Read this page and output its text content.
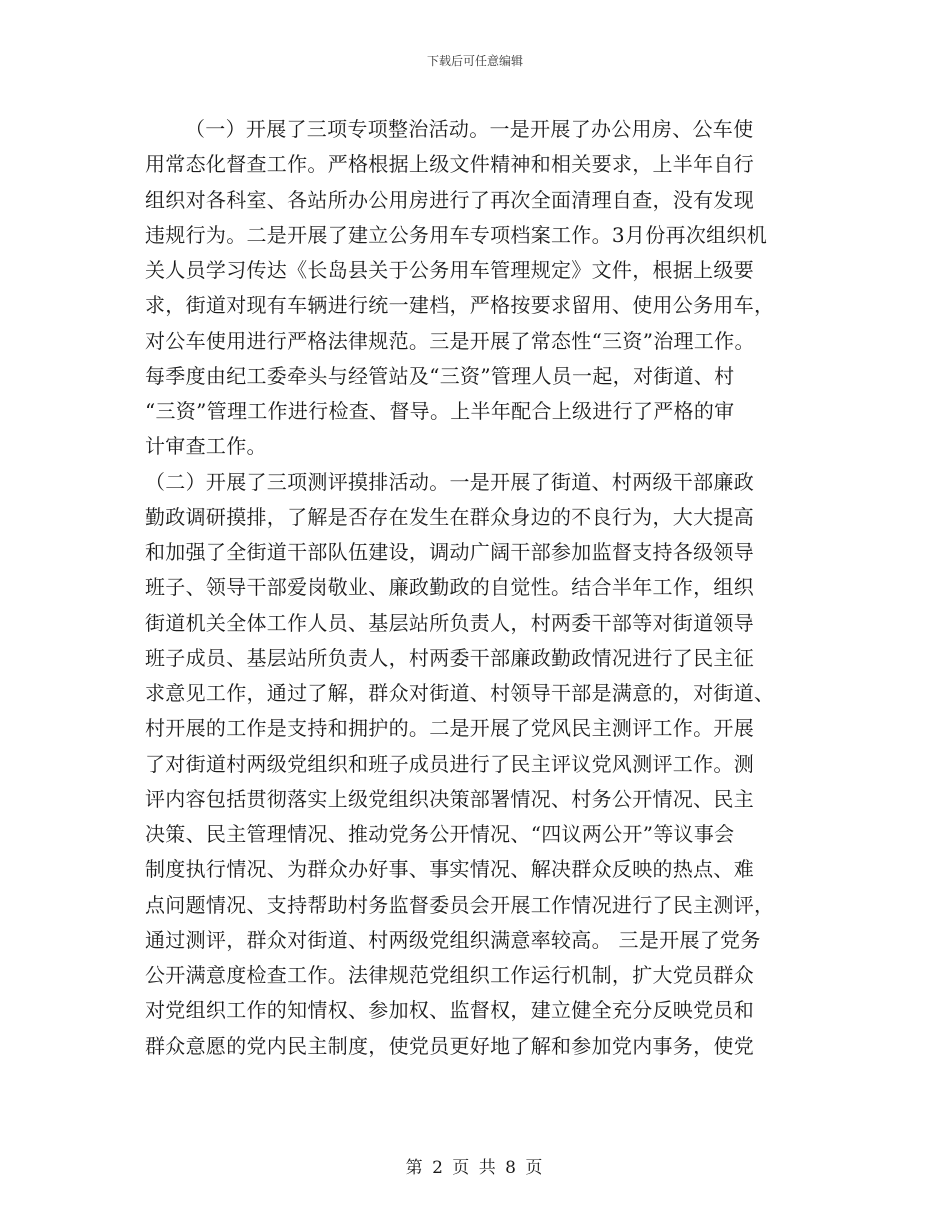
下载后可任意编辑
（一）开展了三项专项整治活动。一是开展了办公用房、公车使
用常态化督查工作。严格根据上级文件精神和相关要求，上半年自行
组织对各科室、各站所办公用房进行了再次全面清理自查，没有发现
违规行为。二是开展了建立公务用车专项档案工作。3月份再次组织机
关人员学习传达《长岛县关于公务用车管理规定》文件，根据上级要
求，街道对现有车辆进行统一建档，严格按要求留用、使用公务用车，
对公车使用进行严格法律规范。三是开展了常态性“三资”治理工作。
每季度由纪工委牵头与经管站及“三资”管理人员一起，对街道、村
“三资”管理工作进行检查、督导。上半年配合上级进行了严格的审
计审查工作。
（二）开展了三项测评摸排活动。一是开展了街道、村两级干部廉政
勤政调研摸排，了解是否存在发生在群众身边的不良行为，大大提高
和加强了全街道干部队伍建设，调动广阔干部参加监督支持各级领导
班子、领导干部爱岗敬业、廉政勤政的自觉性。结合半年工作，组织
街道机关全体工作人员、基层站所负责人，村两委干部等对街道领导
班子成员、基层站所负责人，村两委干部廉政勤政情况进行了民主征
求意见工作，通过了解，群众对街道、村领导干部是满意的，对街道、
村开展的工作是支持和拥护的。二是开展了党风民主测评工作。开展
了对街道村两级党组织和班子成员进行了民主评议党风测评工作。测
评内容包括贯彻落实上级党组织决策部署情况、村务公开情况、民主
决策、民主管理情况、推动党务公开情况、“四议两公开”等议事会
制度执行情况、为群众办好事、事实情况、解决群众反映的热点、难
点问题情况、支持帮助村务监督委员会开展工作情况进行了民主测评，
通过测评，群众对街道、村两级党组织满意率较高。 三是开展了党务
公开满意度检查工作。法律规范党组织工作运行机制，扩大党员群众
对党组织工作的知情权、参加权、监督权，建立健全充分反映党员和
群众意愿的党内民主制度，使党员更好地了解和参加党内事务，使党
第 2 页 共 8 页
